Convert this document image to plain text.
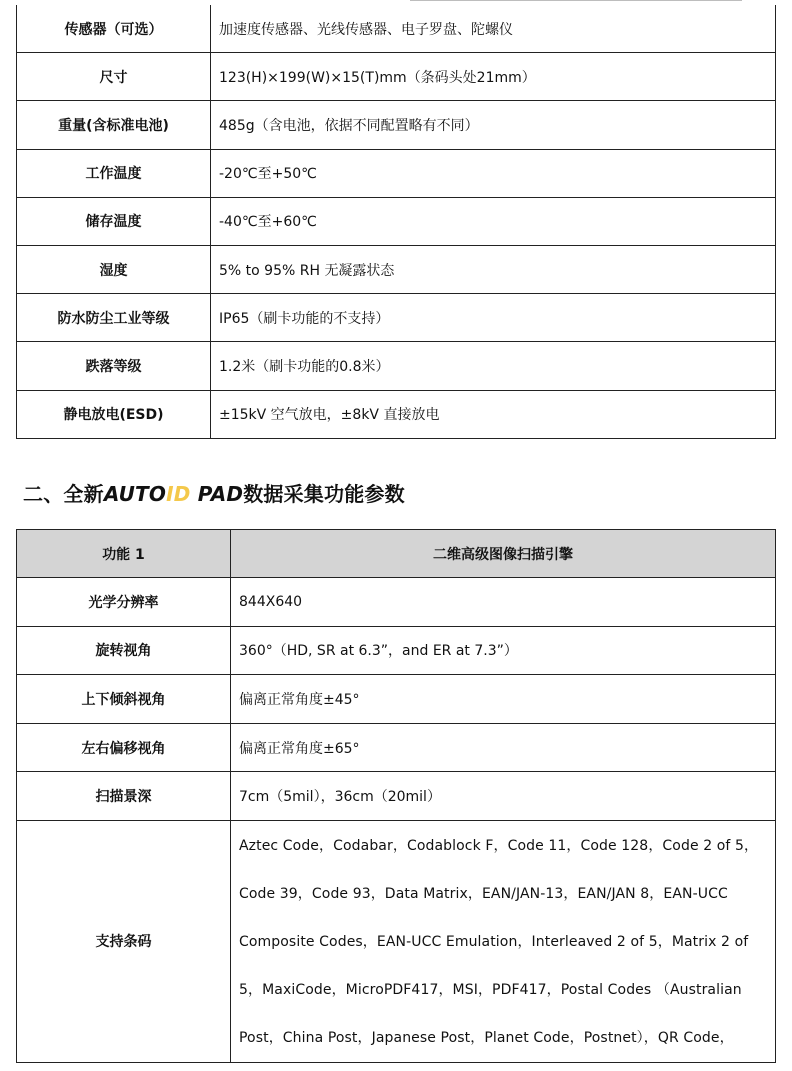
传感器（可选）	加速度传感器、光线传感器、电子罗盘、陀螺仪
尺寸	123(H)×199(W)×15(T)mm（条码头处21mm）
重量(含标准电池)	485g（含电池，依据不同配置略有不同）
工作温度	-20℃至+50℃
储存温度	-40℃至+60℃
湿度	5% to 95% RH 无凝露状态
防水防尘工业等级	IP65（刷卡功能的不支持）
跌落等级	1.2米（刷卡功能的0.8米）
静电放电(ESD)	±15kV 空气放电，±8kV 直接放电
二、全新AUTOID PAD数据采集功能参数
功能 1	二维高级图像扫描引擎
光学分辨率	844X640
旋转视角	360°（HD, SR at 6.3”，and ER at 7.3”）
上下倾斜视角	偏离正常角度±45°
左右偏移视角	偏离正常角度±65°
扫描景深	7cm（5mil），36cm（20mil）
支持条码	Aztec Code，Codabar，Codablock F，Code 11，Code 128，Code 2 of 5，Code 39，Code 93，Data Matrix，EAN/JAN-13，EAN/JAN 8，EAN-UCC Composite Codes，EAN-UCC Emulation，Interleaved 2 of 5，Matrix 2 of 5，MaxiCode，MicroPDF417，MSI，PDF417，Postal Codes （Australian Post，China Post，Japanese Post，Planet Code，Postnet），QR Code，
